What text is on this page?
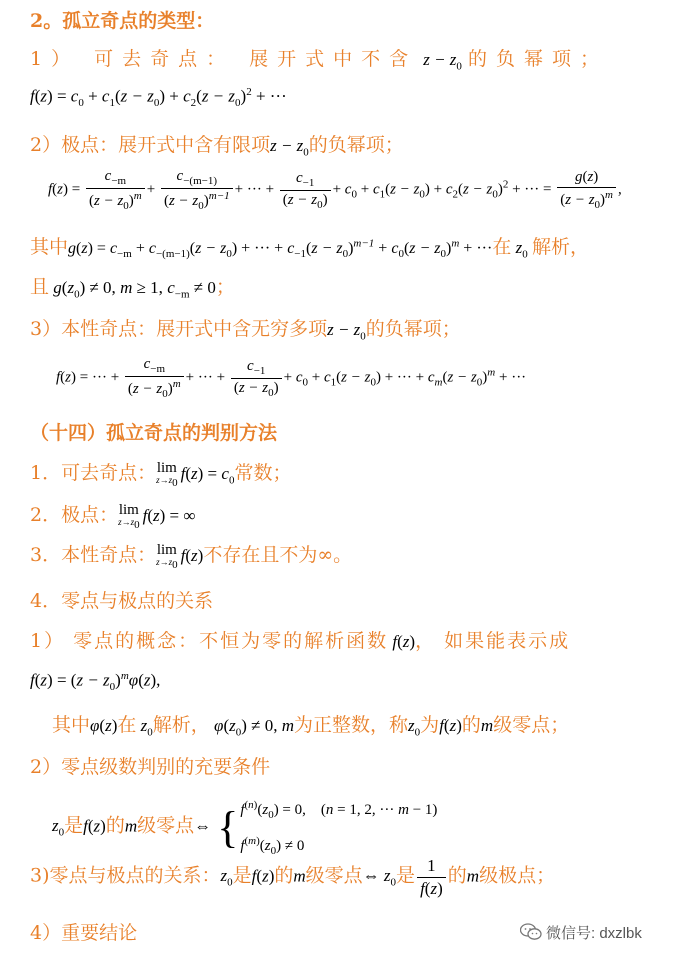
2。孤立奇点的类型：
1） 可去奇点： 展开式中不含 $z - z_0$ 的负幂项；
$f(z) = c_0 + c_1(z - z_0) + c_2(z - z_0)^2$ + ···
2）极点：展开式中含有限项$z - z_0$的负幂项；
$f(z) = \frac{c_{-m}}{(z - z_0)^m} + \frac{c_{-(m-1)}}{(z - z_0)^{m-1}}$ + ··· + $\frac{c_{-1}}{(z - z_0)} + c_0 + c_1(z - z_0) + c_2(z - z_0)^2$ + ··· = $\frac{g(z)}{(z - z_0)^m}$ ,
其中$g(z) = c_{-m} + c_{-(m-1)}(z - z_0)$ + ··· + $c_{-1}(z - z_0)^{m-1} + c_0(z - z_0)^m$ + ···在 $z_0$ 解析，
且 $g(z_0) \ne 0$, m ≥ 1, $c_{-m} \ne 0$；
3）本性奇点：展开式中含无穷多项$z - z_0$的负幂项；
f(z) = ··· + $\frac{c_{-m}}{(z - z_0)^m}$ + ··· + $\frac{c_{-1}}{(z - z_0)} + c_0 + c_1(z - z_0)$ + ··· + $c_m(z - z_0)^m$ + ···
（十四）孤立奇点的判别方法
1．可去奇点： lim
$z\to z_0$ $f(z) = c_0$常数；
2．极点： lim
$z\to z_0$ f(z) = ∞
3．本性奇点： lim
$z\to z_0$ f(z)不存在且不为∞。
4．零点与极点的关系
1） 零点的概念：不恒为零的解析函数 f(z)， 如果能表示成
$f(z) = (z - z_0)^m\varphi(z)$,
其中φ(z)在 $z_0$解析， $\varphi(z_0) \ne 0$, m为正整数，称$z_0$为f(z)的m级零点；
2）零点级数判别的充要条件
$z_0$是f(z)的m级零点⇔ { $f^{(n)}(z_0) = 0$,    (n = 1, 2, ··· m − 1)
$f^{(m)}(z_0) \ne 0$
3)零点与极点的关系：$z_0$是f(z)的m级零点⇔ $z_0$是 $\frac{1}{f(z)}$ 的m级极点；
4）重要结论	微信号: dxzlbk
